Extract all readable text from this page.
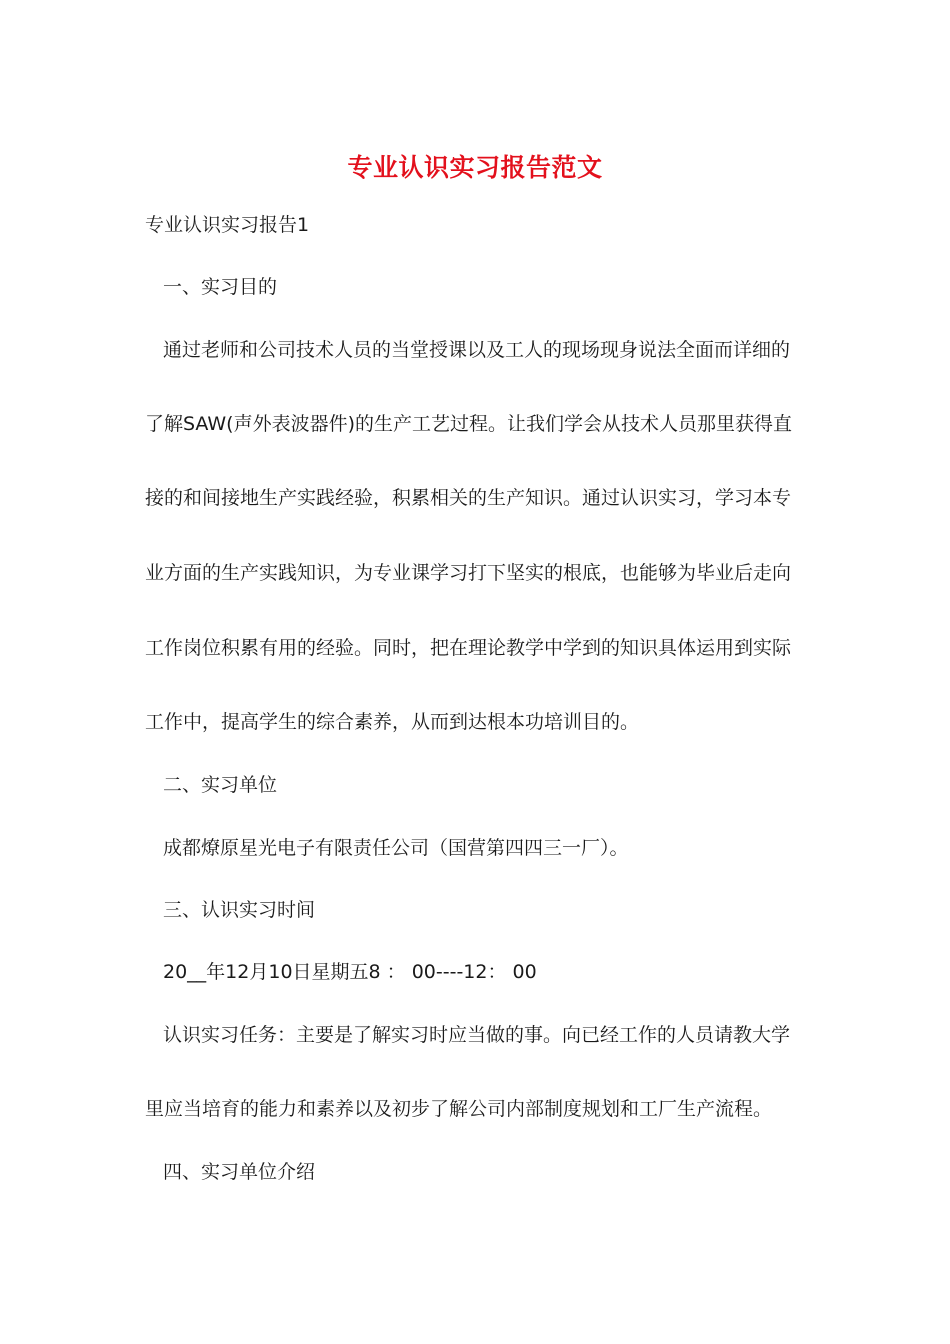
专业认识实习报告范文

专业认识实习报告1

一、实习目的

通过老师和公司技术人员的当堂授课以及工人的现场现身说法全面而详细的

了解SAW(声外表波器件)的生产工艺过程。让我们学会从技术人员那里获得直

接的和间接地生产实践经验，积累相关的生产知识。通过认识实习，学习本专

业方面的生产实践知识，为专业课学习打下坚实的根底，也能够为毕业后走向

工作岗位积累有用的经验。同时，把在理论教学中学到的知识具体运用到实际

工作中，提高学生的综合素养，从而到达根本功培训目的。

二、实习单位

成都燎原星光电子有限责任公司（国营第四四三一厂）。

三、认识实习时间

20__年12月10日星期五8 ： 00----12： 00

认识实习任务：主要是了解实习时应当做的事。向已经工作的人员请教大学

里应当培育的能力和素养以及初步了解公司内部制度规划和工厂生产流程。

四、实习单位介绍
